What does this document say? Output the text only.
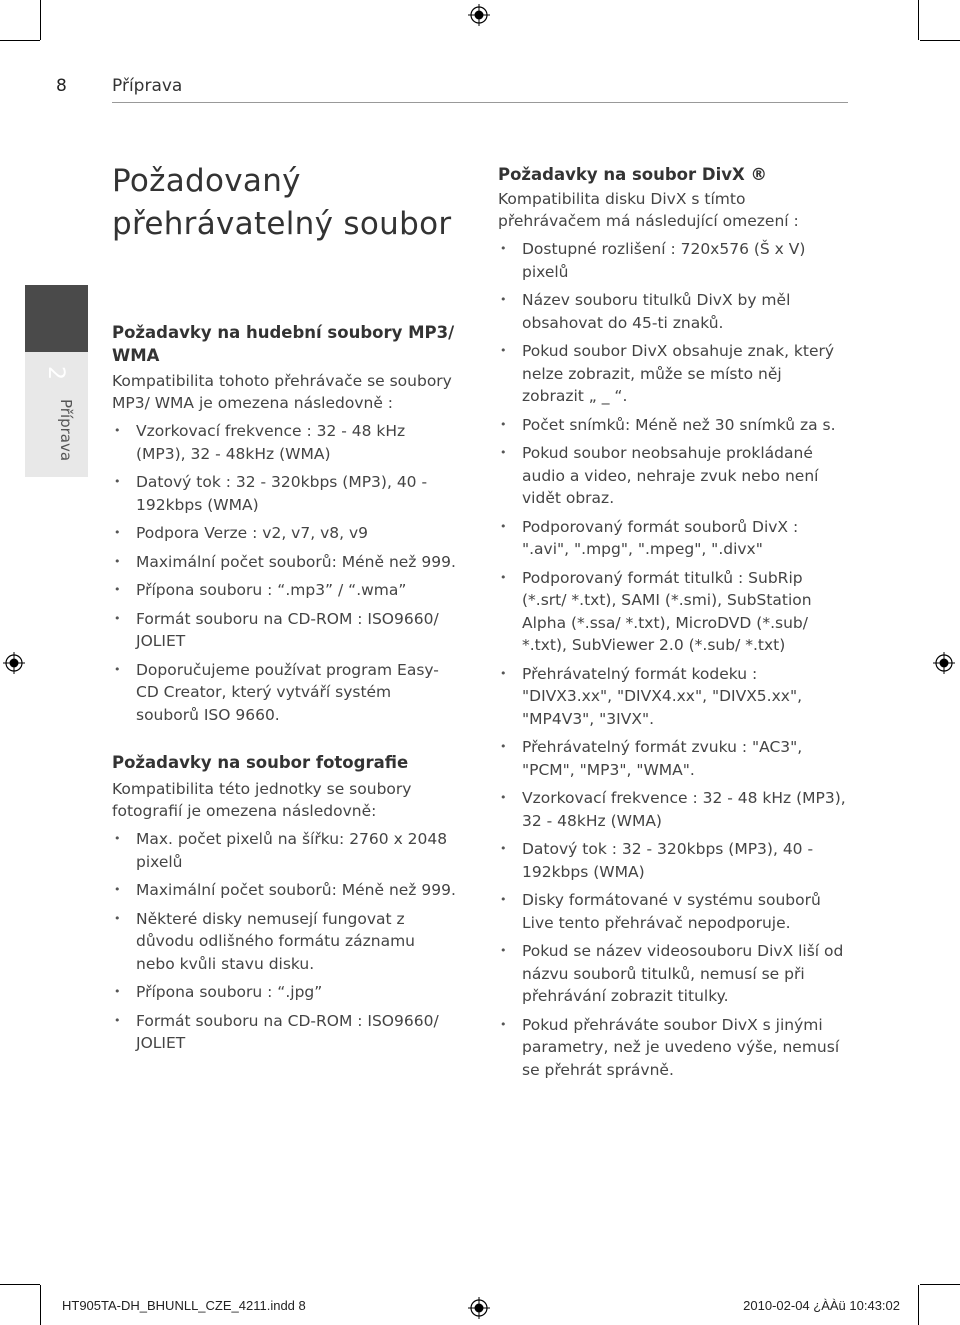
8	Příprava
2
Příprava
Požadovaný
přehrávatelný soubor
Požadavky na hudební soubory MP3/ WMA

Kompatibilita tohoto přehrávače se soubory MP3/ WMA je omezena následovně :

• Vzorkovací frekvence : 32 - 48 kHz (MP3), 32 - 48kHz (WMA)
• Datový tok : 32 - 320kbps (MP3), 40 - 192kbps (WMA)
• Podpora Verze : v2, v7, v8, v9
• Maximální počet souborů: Méně než 999.
• Přípona souboru : “.mp3” / “.wma”
• Formát souboru na CD-ROM : ISO9660/ JOLIET
• Doporučujeme používat program Easy-CD Creator, který vytváří systém souborů ISO 9660.
Požadavky na soubor fotografie

Kompatibilita této jednotky se soubory fotografií je omezena následovně:

• Max. počet pixelů na šířku: 2760 x 2048 pixelů
• Maximální počet souborů: Méně než 999.
• Některé disky nemusejí fungovat z důvodu odlišného formátu záznamu nebo kvůli stavu disku.
• Přípona souboru : “.jpg”
• Formát souboru na CD-ROM : ISO9660/ JOLIET
Požadavky na soubor DivX ®

Kompatibilita disku DivX s tímto přehrávačem má následující omezení :

• Dostupné rozlišení : 720x576 (Š x V) pixelů
• Název souboru titulků DivX by měl obsahovat do 45-ti znaků.
• Pokud soubor DivX obsahuje znak, který nelze zobrazit, může se místo něj zobrazit „ _ “.
• Počet snímků: Méně než 30 snímků za s.
• Pokud soubor neobsahuje prokládané audio a video, nehraje zvuk nebo není vidět obraz.
• Podporovaný formát souborů DivX : ".avi", ".mpg", ".mpeg", ".divx"
• Podporovaný formát titulků : SubRip (*.srt/ *.txt), SAMI (*.smi), SubStation Alpha (*.ssa/ *.txt), MicroDVD (*.sub/ *.txt), SubViewer 2.0 (*.sub/ *.txt)
• Přehrávatelný formát kodeku : "DIVX3.xx", "DIVX4.xx", "DIVX5.xx", "MP4V3", "3IVX".
• Přehrávatelný formát zvuku : "AC3", "PCM", "MP3", "WMA".
• Vzorkovací frekvence : 32 - 48 kHz (MP3), 32 - 48kHz (WMA)
• Datový tok : 32 - 320kbps (MP3), 40 - 192kbps (WMA)
• Disky formátované v systému souborů Live tento přehrávač nepodporuje.
• Pokud se název videosouboru DivX liší od názvu souborů titulků, nemusí se při přehrávání zobrazit titulky.
• Pokud přehráváte soubor DivX s jinými parametry, než je uvedeno výše, nemusí se přehrát správně.
HT905TA-DH_BHUNLL_CZE_4211.indd 8	2010-02-04 ¿ÀÀü 10:43:02
